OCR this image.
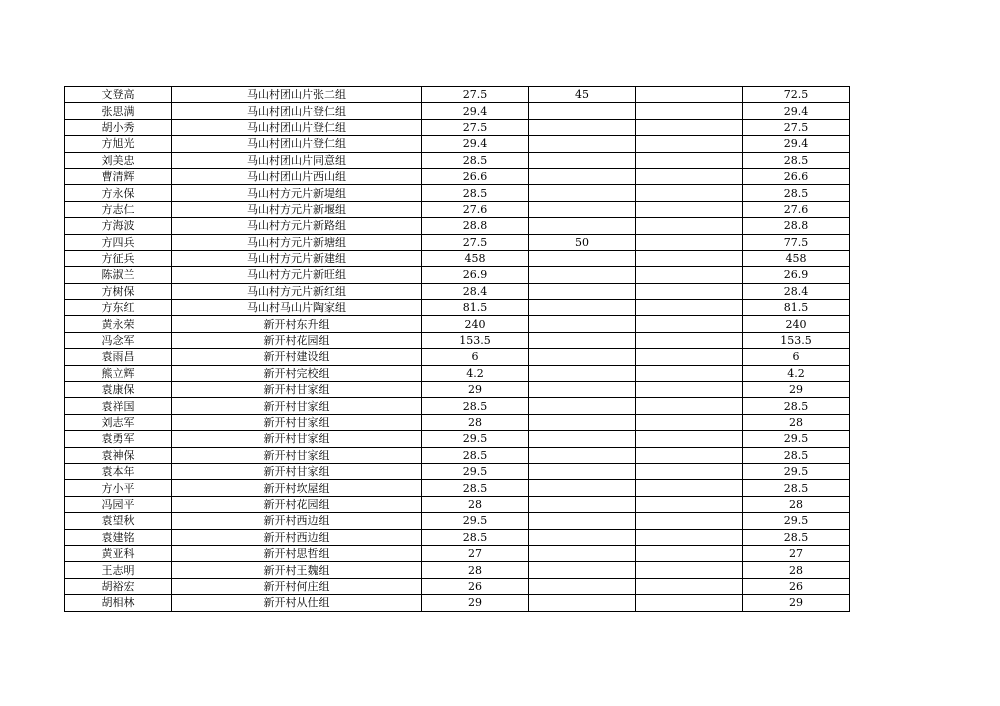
文登高	马山村团山片张二组	27.5	45		72.5
张思满	马山村团山片登仁组	29.4			29.4
胡小秀	马山村团山片登仁组	27.5			27.5
方旭光	马山村团山片登仁组	29.4			29.4
刘美忠	马山村团山片同意组	28.5			28.5
曹清辉	马山村团山片西山组	26.6			26.6
方永保	马山村方元片新堤组	28.5			28.5
方志仁	马山村方元片新堰组	27.6			27.6
方海波	马山村方元片新路组	28.8			28.8
方四兵	马山村方元片新塘组	27.5	50		77.5
方征兵	马山村方元片新建组	458			458
陈淑兰	马山村方元片新旺组	26.9			26.9
方树保	马山村方元片新红组	28.4			28.4
方东红	马山村马山片陶家组	81.5			81.5
黄永荣	新开村东升组	240			240
冯念军	新开村花园组	153.5			153.5
袁雨昌	新开村建设组	6			6
熊立辉	新开村完校组	4.2			4.2
袁康保	新开村甘家组	29			29
袁祥国	新开村甘家组	28.5			28.5
刘志军	新开村甘家组	28			28
袁勇军	新开村甘家组	29.5			29.5
袁神保	新开村甘家组	28.5			28.5
袁本年	新开村甘家组	29.5			29.5
方小平	新开村坎屋组	28.5			28.5
冯园平	新开村花园组	28			28
袁望秋	新开村西边组	29.5			29.5
袁建铭	新开村西边组	28.5			28.5
黄亚科	新开村思哲组	27			27
王志明	新开村王魏组	28			28
胡裕宏	新开村何庄组	26			26
胡相林	新开村从仕组	29			29
